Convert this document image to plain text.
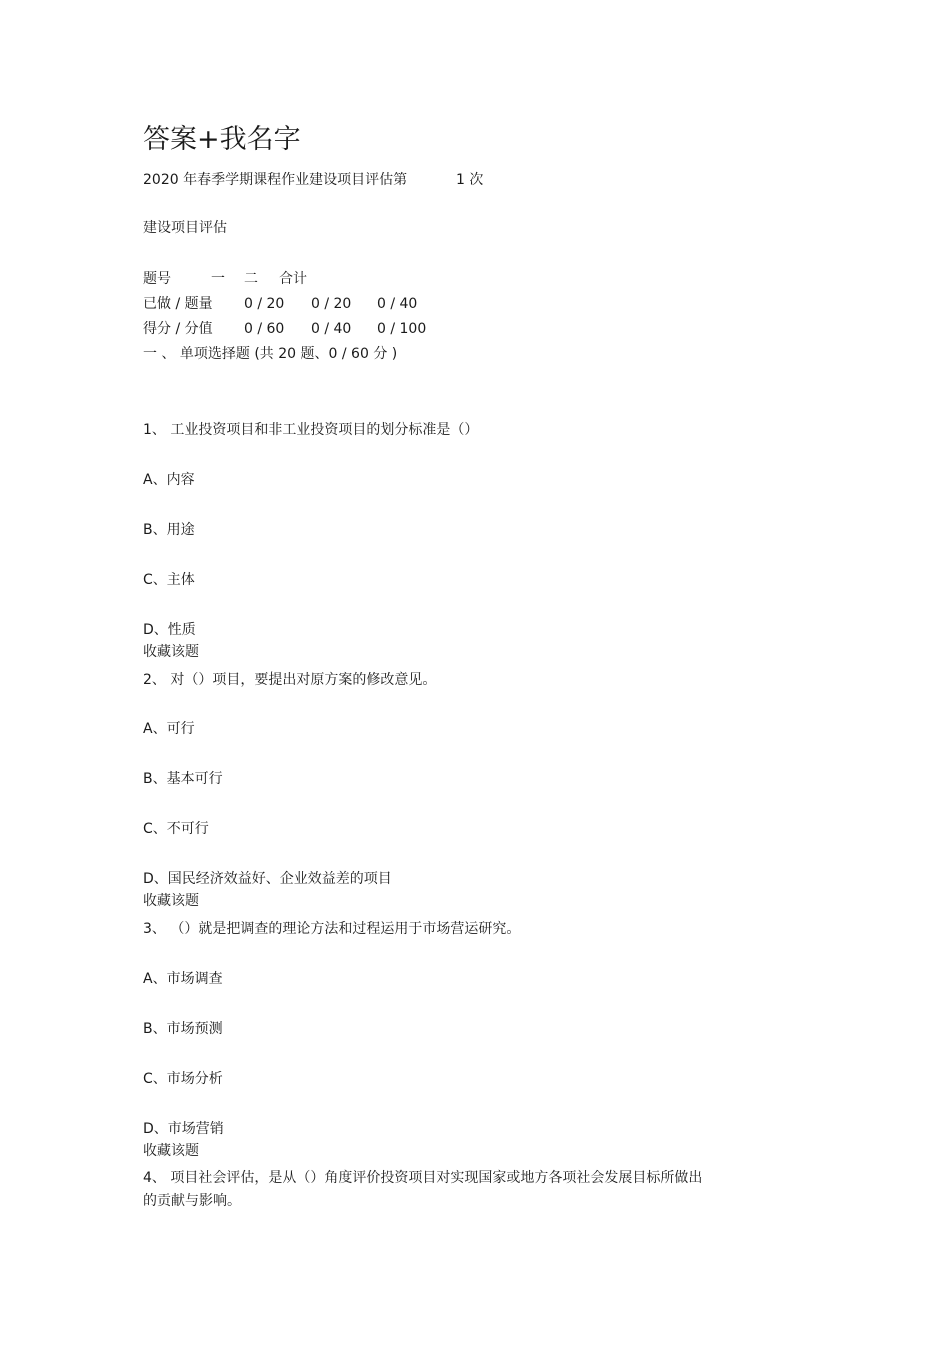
答案+我名字
2020 年春季学期课程作业建设项目评估第	1 次
建设项目评估
题号	一 二 合计
已做 / 题量 0 / 20 0 / 20 0 / 40
得分 / 分值 0 / 60 0 / 40 0 / 100
一 、 单项选择题 (共 20 题、0 / 60 分 )
1、 工业投资项目和非工业投资项目的划分标准是（）
A、内容
B、用途
C、主体
D、性质
收藏该题
2、 对（）项目，要提出对原方案的修改意见。
A、可行
B、基本可行
C、不可行
D、国民经济效益好、企业效益差的项目
收藏该题
3、 （）就是把调查的理论方法和过程运用于市场营运研究。
A、市场调查
B、市场预测
C、市场分析
D、市场营销
收藏该题
4、 项目社会评估，是从（）角度评价投资项目对实现国家或地方各项社会发展目标所做出
的贡献与影响。
